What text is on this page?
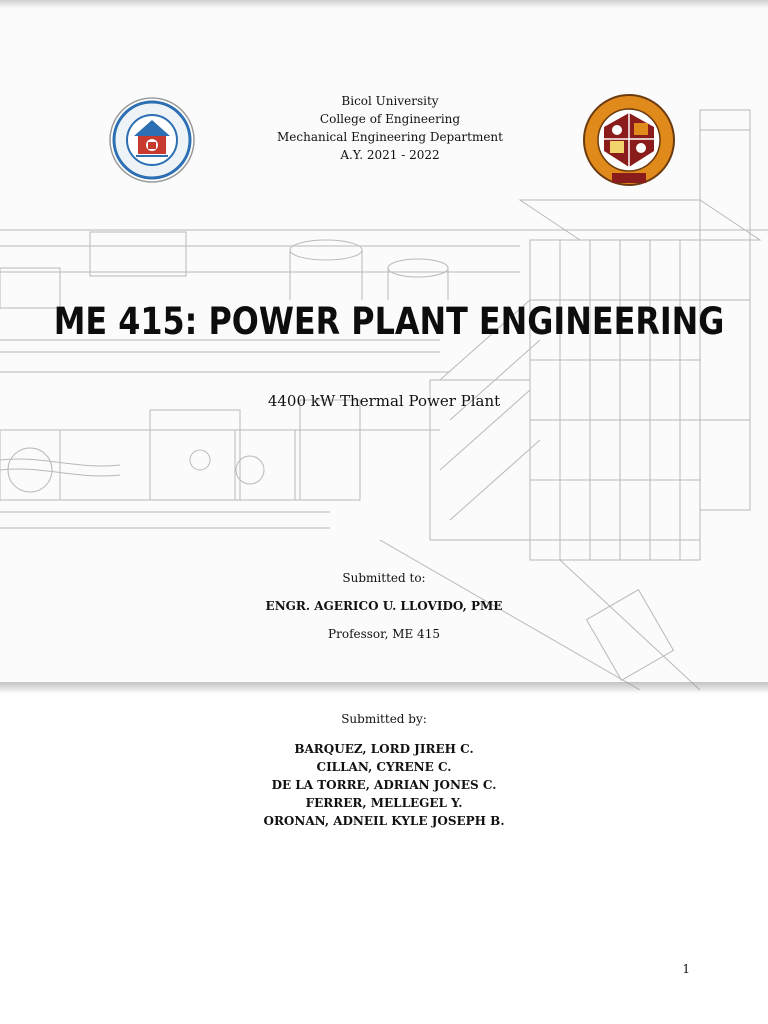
Bicol University
College of Engineering
Mechanical Engineering Department
A.Y. 2021 - 2022
ME 415: POWER PLANT ENGINEERING
4400 kW Thermal Power Plant
Submitted to:
ENGR. AGERICO U. LLOVIDO, PME
Professor, ME 415
Submitted by:
BARQUEZ, LORD JIREH C.
CILLAN, CYRENE C.
DE LA TORRE, ADRIAN JONES C.
FERRER, MELLEGEL Y.
ORONAN, ADNEIL KYLE JOSEPH B.
1
